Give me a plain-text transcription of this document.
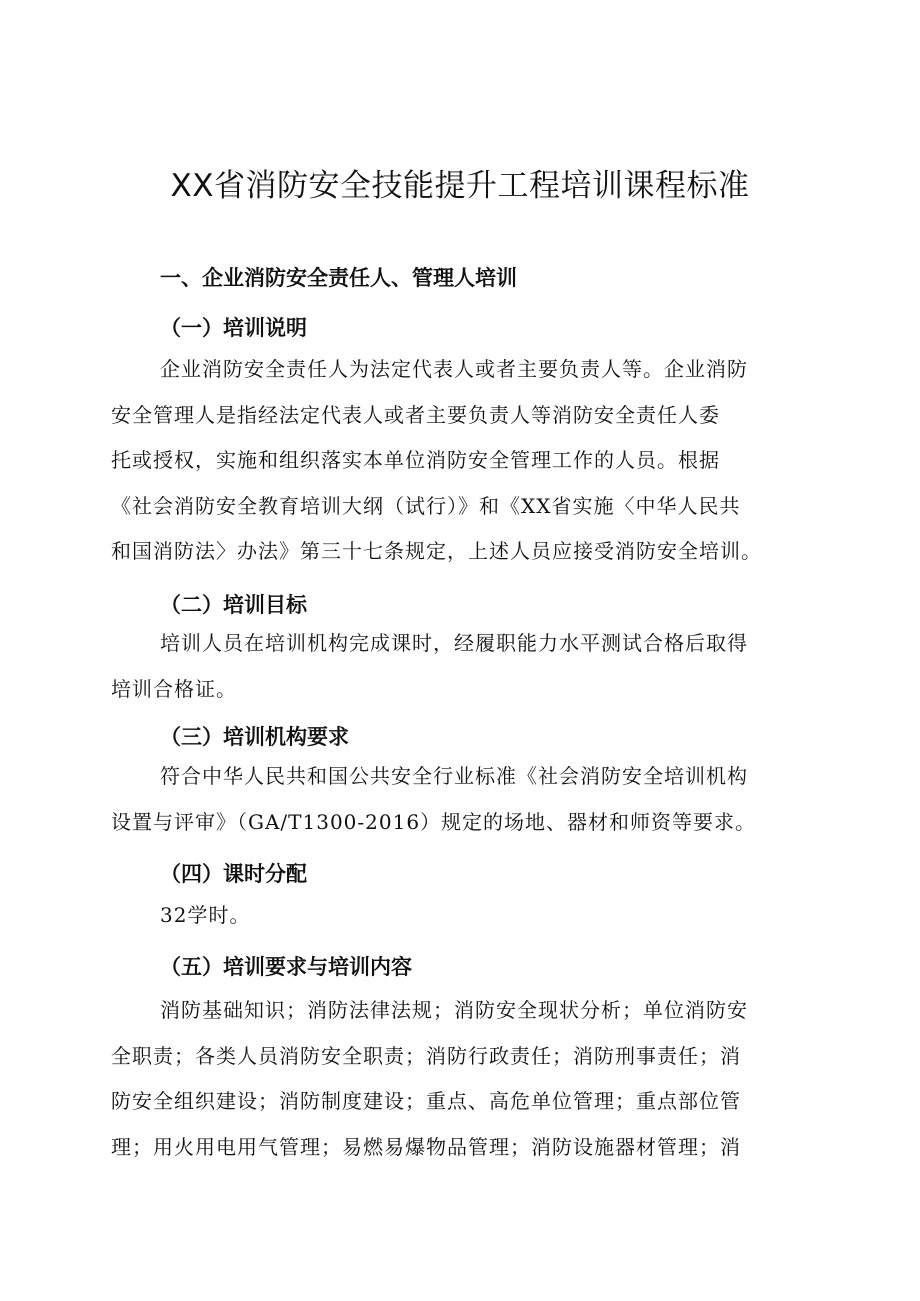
XX省消防安全技能提升工程培训课程标准
一、企业消防安全责任人、管理人培训
（一）培训说明
企业消防安全责任人为法定代表人或者主要负责人等。企业消防
安全管理人是指经法定代表人或者主要负责人等消防安全责任人委
托或授权，实施和组织落实本单位消防安全管理工作的人员。根据
《社会消防安全教育培训大纲（试行）》和《XX省实施〈中华人民共
和国消防法〉办法》第三十七条规定，上述人员应接受消防安全培训。
（二）培训目标
培训人员在培训机构完成课时，经履职能力水平测试合格后取得
培训合格证。
（三）培训机构要求
符合中华人民共和国公共安全行业标准《社会消防安全培训机构
设置与评审》（GA/T1300-2016）规定的场地、器材和师资等要求。
（四）课时分配
32学时。
（五）培训要求与培训内容
消防基础知识；消防法律法规；消防安全现状分析；单位消防安
全职责；各类人员消防安全职责；消防行政责任；消防刑事责任；消
防安全组织建设；消防制度建设；重点、高危单位管理；重点部位管
理；用火用电用气管理；易燃易爆物品管理；消防设施器材管理；消
